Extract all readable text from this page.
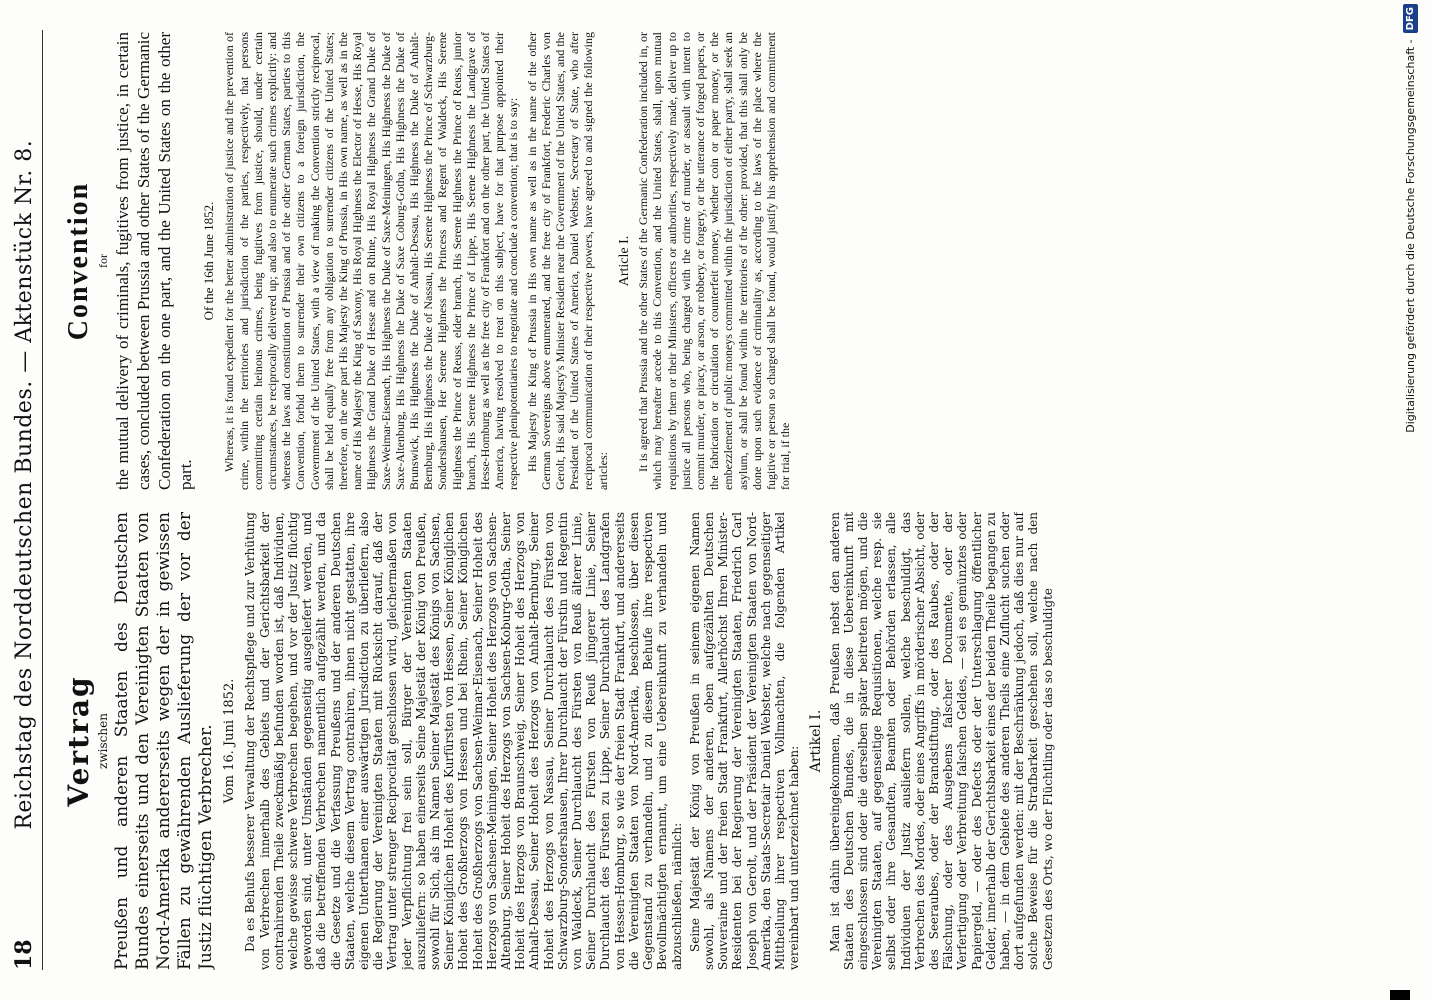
18
Reichstag des Norddeutschen Bundes. — Aktenstück Nr. 8. Vertrag zwischen Preußen und anderen Staaten des Deutschen Bundes einerseits und den Vereinigten Staaten von Nord-Amerika andererseits wegen der in gewissen Fällen zu gewährenden Auslieferung der vor der Justiz flüchtigen Verbrecher. Vom 16. Juni 1852. Da es Behufs besserer Verwaltung der Rechtspflege und zur Verhütung von Verbrechen innerhalb des Gebiets und der Gerichtsbarkeit der contrahirenden Theile zweckmäßig befunden worden ist, daß Individuen, welche gewisse schwere Verbrechen begehen, und vor der Justiz flüchtig geworden sind, unter Umständen gegenseitig ausgeliefert werden, und daß die betreffenden Verbrechen namentlich aufgezählt werden, und da die Gesetze und die Verfassung Preußens und der anderen Deutschen Staaten, welche diesem Vertrag contrahiren, ihnen nicht gestatten, ihre eigenen Unterthanen einer auswärtigen Jurisdiction zu überliefern, also die Regierung der Vereinigten Staaten mit Rücksicht darauf, daß der Vertrag unter strenger Reciprocität geschlossen wird, gleichermaßen von jeder Verpflichtung frei sein soll, Bürger der Vereinigten Staaten auszuliefern: so haben einerseits Seine Majestät der König von Preußen, sowohl für Sich, als im Namen Seiner Majestät des Königs von Sachsen, Seiner Königlichen Hoheit des Kurfürsten von Hessen, Seiner Königlichen Hoheit des Großherzogs von Hessen und bei Rhein, Seiner Königlichen Hoheit des Großherzogs von Sachsen-Weimar-Eisenach, Seiner Hoheit des Herzogs von Sachsen-Meiningen, Seiner Hoheit des Herzogs von Sachsen-Altenburg, Seiner Hoheit des Herzogs von Sachsen-Koburg-Gotha, Seiner Hoheit des Herzogs von Braunschweig, Seiner Hoheit des Herzogs von Anhalt-Dessau, Seiner Hoheit des Herzogs von Anhalt-Bernburg, Seiner Hoheit des Herzogs von Nassau, Seiner Durchlaucht des Fürsten von Schwarzburg-Sondershausen, Ihrer Durchlaucht der Fürstin und Regentin von Waldeck, Seiner Durchlaucht des Fürsten von Reuß älterer Linie, Seiner Durchlaucht des Fürsten von Reuß jüngerer Linie, Seiner Durchlaucht des Fürsten zu Lippe, Seiner Durchlaucht des Landgrafen von Hessen-Homburg, so wie der freien Stadt Frankfurt, und andererseits die Vereinigten Staaten von Nord-Amerika, beschlossen, über diesen Gegenstand zu verhandeln, und zu diesem Behufe ihre respectiven Bevollmächtigten ernannt, um eine Uebereinkunft zu verhandeln und abzuschließen, nämlich: Seine Majestät der König von Preußen in seinem eigenen Namen sowohl, als Namens der anderen, oben aufgezählten Deutschen Souveraine und der freien Stadt Frankfurt, Allerhöchst Ihren Minister-Residenten bei der Regierung der Vereinigten Staaten, Friedrich Carl Joseph von Gerolt, und der Präsident der Vereinigten Staaten von Nord-Amerika, den Staats-Secretair Daniel Webster, welche nach gegenseitiger Mittheilung ihrer respectiven Vollmachten, die folgenden Artikel vereinbart und unterzeichnet haben:

Artikel I. Man ist dahin übereingekommen, daß Preußen nebst den anderen Staaten des Deutschen Bundes, die in diese Uebereinkunft mit eingeschlossen sind oder die derselben später beitreten mögen, und die Vereinigten Staaten, auf gegenseitige Requisitionen, welche resp. sie selbst oder ihre Gesandten, Beamten oder Behörden erlassen, alle Individuen der Justiz ausliefern sollen, welche beschuldigt, das Verbrechen des Mordes, oder eines Angriffs in mörderischer Absicht, oder des Seeraubes, oder der Brandstiftung, oder des Raubes, oder der Fälschung, oder des Ausgebens falscher Documente, oder der Verfertigung oder Verbreitung falschen Geldes, — sei es gemünztes oder Papiergeld, — oder des Defects oder der Unterschlagung öffentlicher Gelder, innerhalb der Gerichtsbarkeit eines der beiden Theile begangen zu haben, — in dem Gebiete des anderen Theils eine Zuflucht suchen oder dort aufgefunden werden: mit der Beschränkung jedoch, daß dies nur auf solche Beweise für die Strafbarkeit geschehen soll, welche nach den Gesetzen des Orts, wo der Flüchtling oder das so beschuldigte

Convention for the mutual delivery of criminals, fugitives from justice, in certain cases, concluded between Prussia and other States of the Germanic Confederation on the one part, and the United States on the other part.
Of the 16th June 1852. Whereas, it is found expedient for the better administration of justice and the prevention of crime, within the territories and jurisdiction of the parties, respectively, that persons committing certain heinous crimes, being fugitives from justice, should, under certain circumstances, be reciprocally delivered up; and also to enumerate such crimes explicitly: and whereas the laws and constitution of Prussia and of the other German States, parties to this Convention, forbid them to surrender their own citizens to a foreign jurisdiction, the Government of the United States, with a view of making the Convention strictly reciprocal, shall be held equally free from any obligation to surrender citizens of the United States; therefore, on the one part His Majesty the King of Prussia, in His own name, as well as in the name of His Majesty the King of Saxony, His Royal Highness the Elector of Hesse, His Royal Highness the Grand Duke of Hesse and on Rhine, His Royal Highness the Grand Duke of Saxe-Weimar-Eisenach, His Highness the Duke of Saxe-Meiningen, His Highness the Duke of Saxe-Altenburg, His Highness the Duke of Saxe Coburg-Gotha, His Highness the Duke of Brunswick, His Highness the Duke of Anhalt-Dessau, His Highness the Duke of Anhalt-Bernburg, His Highness the Duke of Nassau, His Serene Highness the Prince of Schwarzburg-Sondershausen, Her Serene Highness the Princess and Regent of Waldeck, His Serene Highness the Prince of Reuss, elder branch, His Serene Highness the Prince of Reuss, junior branch, His Serene Highness the Prince of Lippe, His Serene Highness the Landgrave of Hesse-Homburg as well as the free city of Frankfort and on the other part, the United States of America, having resolved to treat on this subject, have for that purpose appointed their respective plenipotentiaries to negotiate and conclude a convention; that is to say: His Majesty the King of Prussia in His own name as well as in the name of the other German Sovereigns above enumerated, and the free city of Frankfort, Frederic Charles von Gerolt, His said Majesty's Minister Resident near the Government of the United States, and the President of the United States of America, Daniel Webster, Secretary of State, who after reciprocal communication of their respective powers, have agreed to and signed the following articles:

Article I. It is agreed that Prussia and the other States of the Germanic Confederation included in, or which may hereafter accede to this Convention, and the United States, shall, upon mutual requisitions by them or their Ministers, officers or authorities, respectively made, deliver up to justice all persons who, being charged with the crime of murder, or assault with intent to commit murder, or piracy, or arson, or robbery, or forgery, or the utterance of forged papers, or the fabrication or circulation of counterfeit money, whether coin or paper money, or the embezzlement of public moneys committed within the jurisdiction of either party, shall seek an asylum, or shall be found within the territories of the other: provided, that this shall only be done upon such evidence of criminality as, according to the laws of the place where the fugitive or person so charged shall be found, would justify his apprehension and commitment for trial, if the

Digitalisierung gefördert durch die Deutsche Forschungsgemeinschaft -
DFG
